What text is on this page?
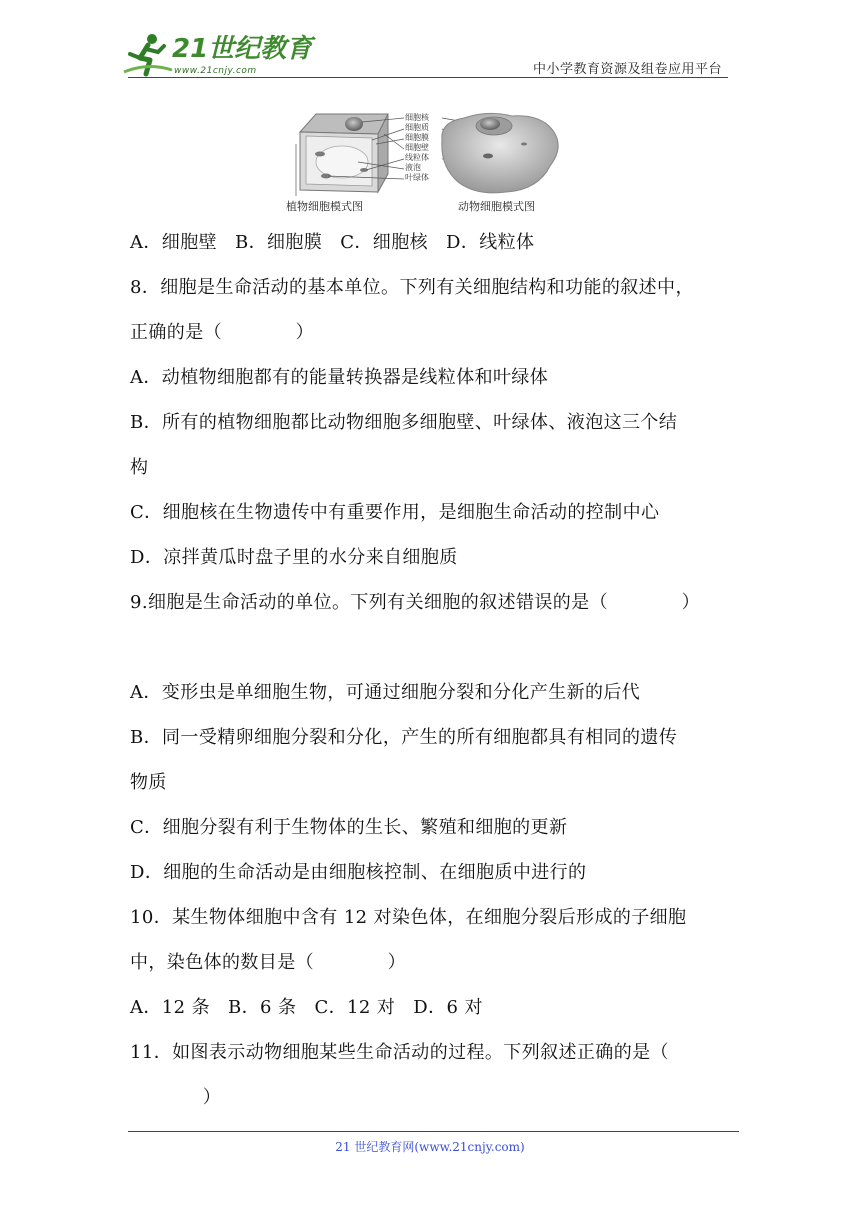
21世纪教育
www.21cnjy.com	中小学教育资源及组卷应用平台
细胞核
细胞质
细胞膜
细胞壁
线粒体
液泡
叶绿体
植物细胞模式图	动物细胞模式图
A．细胞壁 B．细胞膜 C．细胞核 D．线粒体
8．细胞是生命活动的基本单位。下列有关细胞结构和功能的叙述中，
正确的是（　　　　）
A．动植物细胞都有的能量转换器是线粒体和叶绿体
B．所有的植物细胞都比动物细胞多细胞壁、叶绿体、液泡这三个结
构
C．细胞核在生物遗传中有重要作用，是细胞生命活动的控制中心
D．凉拌黄瓜时盘子里的水分来自细胞质
9.细胞是生命活动的单位。下列有关细胞的叙述错误的是（　　　　）
A．变形虫是单细胞生物，可通过细胞分裂和分化产生新的后代
B．同一受精卵细胞分裂和分化，产生的所有细胞都具有相同的遗传
物质
C．细胞分裂有利于生物体的生长、繁殖和细胞的更新
D．细胞的生命活动是由细胞核控制、在细胞质中进行的
10．某生物体细胞中含有 12 对染色体，在细胞分裂后形成的子细胞
中，染色体的数目是（　　　　）
A．12 条 B．6 条 C．12 对 D．6 对
11．如图表示动物细胞某些生命活动的过程。下列叙述正确的是（
　　）
21 世纪教育网(www.21cnjy.com)
